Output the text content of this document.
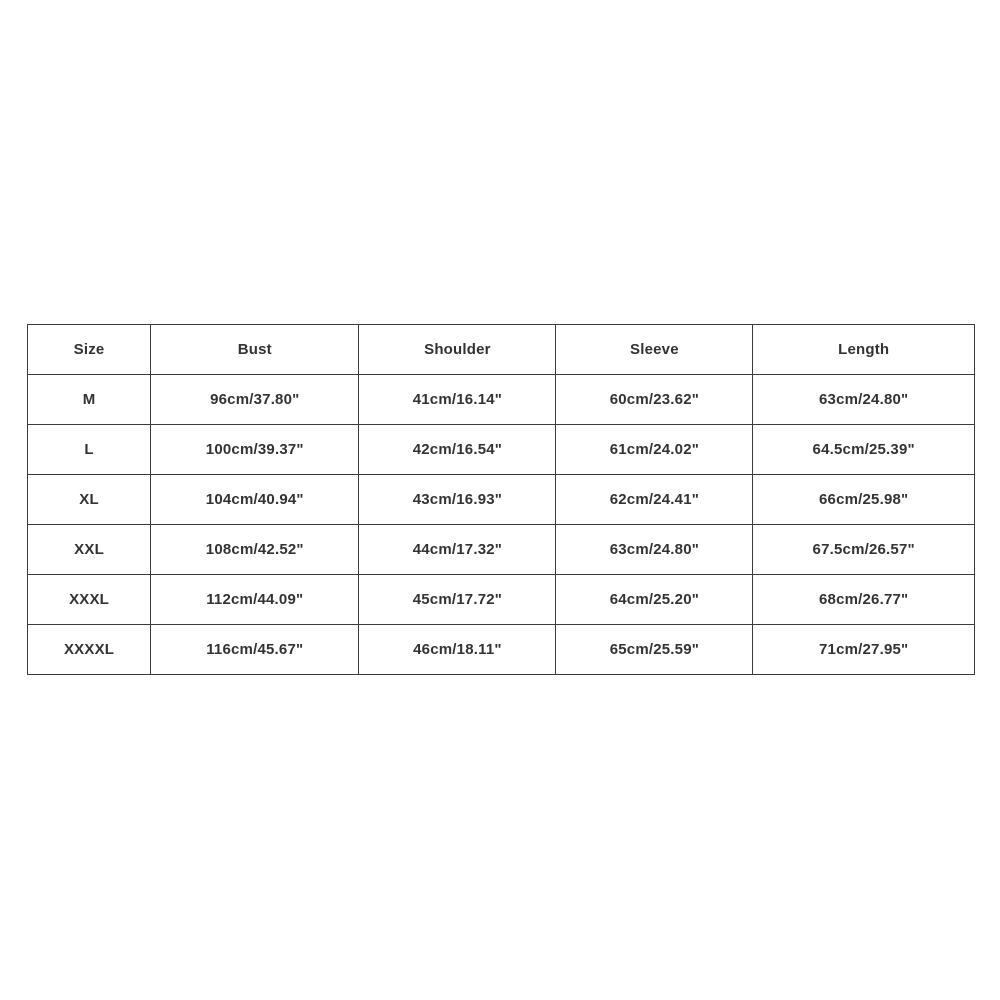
Size	Bust	Shoulder	Sleeve	Length
M	96cm/37.80"	41cm/16.14"	60cm/23.62"	63cm/24.80"
L	100cm/39.37"	42cm/16.54"	61cm/24.02"	64.5cm/25.39"
XL	104cm/40.94"	43cm/16.93"	62cm/24.41"	66cm/25.98"
XXL	108cm/42.52"	44cm/17.32"	63cm/24.80"	67.5cm/26.57"
XXXL	112cm/44.09"	45cm/17.72"	64cm/25.20"	68cm/26.77"
XXXXL	116cm/45.67"	46cm/18.11"	65cm/25.59"	71cm/27.95"
